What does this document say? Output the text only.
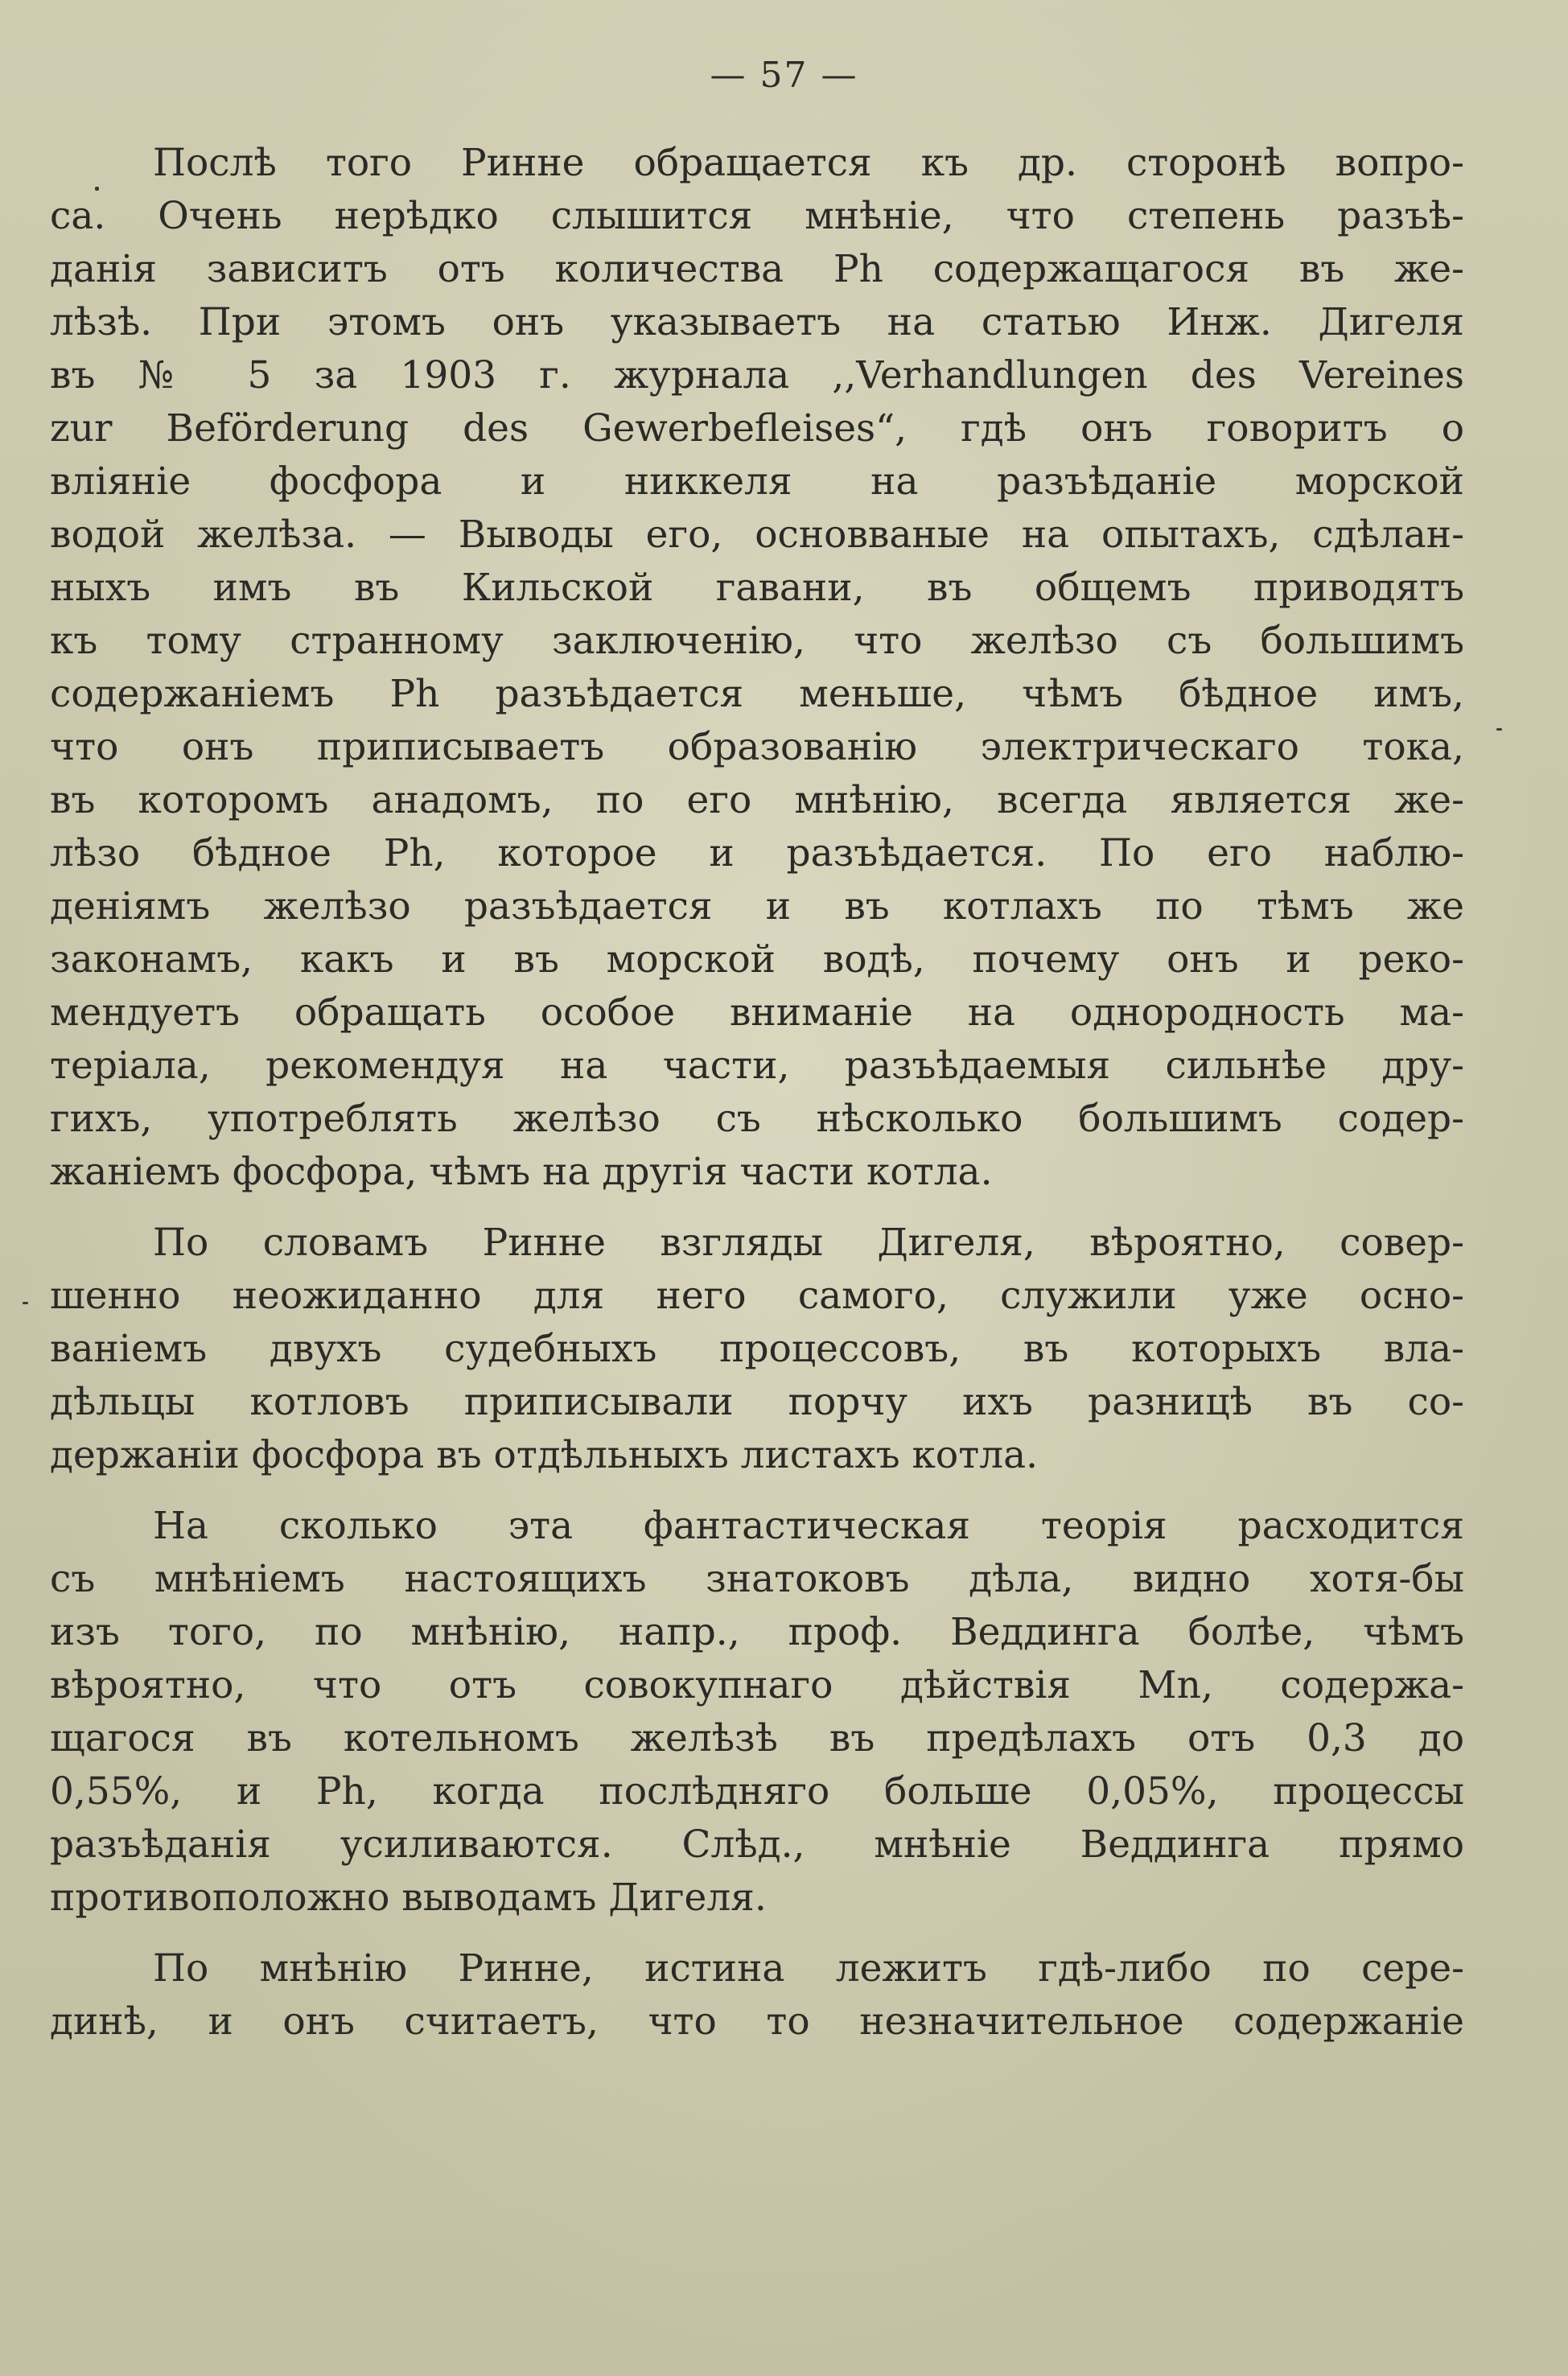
— 57 —

Послѣ того Ринне обращается къ др. сторонѣ вопро-
са. Очень нерѣдко слышится мнѣніе, что степень разъѣ-
данія зависитъ отъ количества Ph содержащагося въ же-
лѣзѣ. При этомъ онъ указываетъ на статью Инж. Дигеля
въ № 5 за 1903 г. журнала ,,Verhandlungen des Vereines
zur Beförderung des Gewerbefleises“, гдѣ онъ говоритъ о
вліяніе фосфора и никкеля на разъѣданіе морской
водой желѣза. — Выводы его, основваные на опытахъ, сдѣлан-
ныхъ имъ въ Кильской гавани, въ общемъ приводятъ
къ тому странному заключенію, что желѣзо съ большимъ
содержаніемъ Ph разъѣдается меньше, чѣмъ бѣдное имъ,
что онъ приписываетъ образованію электрическаго тока,
въ которомъ анадомъ, по его мнѣнію, всегда является же-
лѣзо бѣдное Ph, которое и разъѣдается. По его наблю-
деніямъ желѣзо разъѣдается и въ котлахъ по тѣмъ же
законамъ, какъ и въ морской водѣ, почему онъ и реко-
мендуетъ обращать особое вниманіе на однородность ма-
теріала, рекомендуя на части, разъѣдаемыя сильнѣе дру-
гихъ, употреблять желѣзо съ нѣсколько большимъ содер-
жаніемъ фосфора, чѣмъ на другія части котла.

По словамъ Ринне взгляды Дигеля, вѣроятно, совер-
шенно неожиданно для него самого, служили уже осно-
ваніемъ двухъ судебныхъ процессовъ, въ которыхъ вла-
дѣльцы котловъ приписывали порчу ихъ разницѣ въ со-
держаніи фосфора въ отдѣльныхъ листахъ котла.

На сколько эта фантастическая теорія расходится
съ мнѣніемъ настоящихъ знатоковъ дѣла, видно хотя-бы
изъ того, по мнѣнію, напр., проф. Веддинга болѣе, чѣмъ
вѣроятно, что отъ совокупнаго дѣйствія Mn, содержа-
щагося въ котельномъ желѣзѣ въ предѣлахъ отъ 0,3 до
0,55%, и Ph, когда послѣдняго больше 0,05%, процессы
разъѣданія усиливаются. Слѣд., мнѣніе Веддинга прямо
противоположно выводамъ Дигеля.

По мнѣнію Ринне, истина лежитъ гдѣ-либо по сере-
динѣ, и онъ считаетъ, что то незначительное содержаніе
